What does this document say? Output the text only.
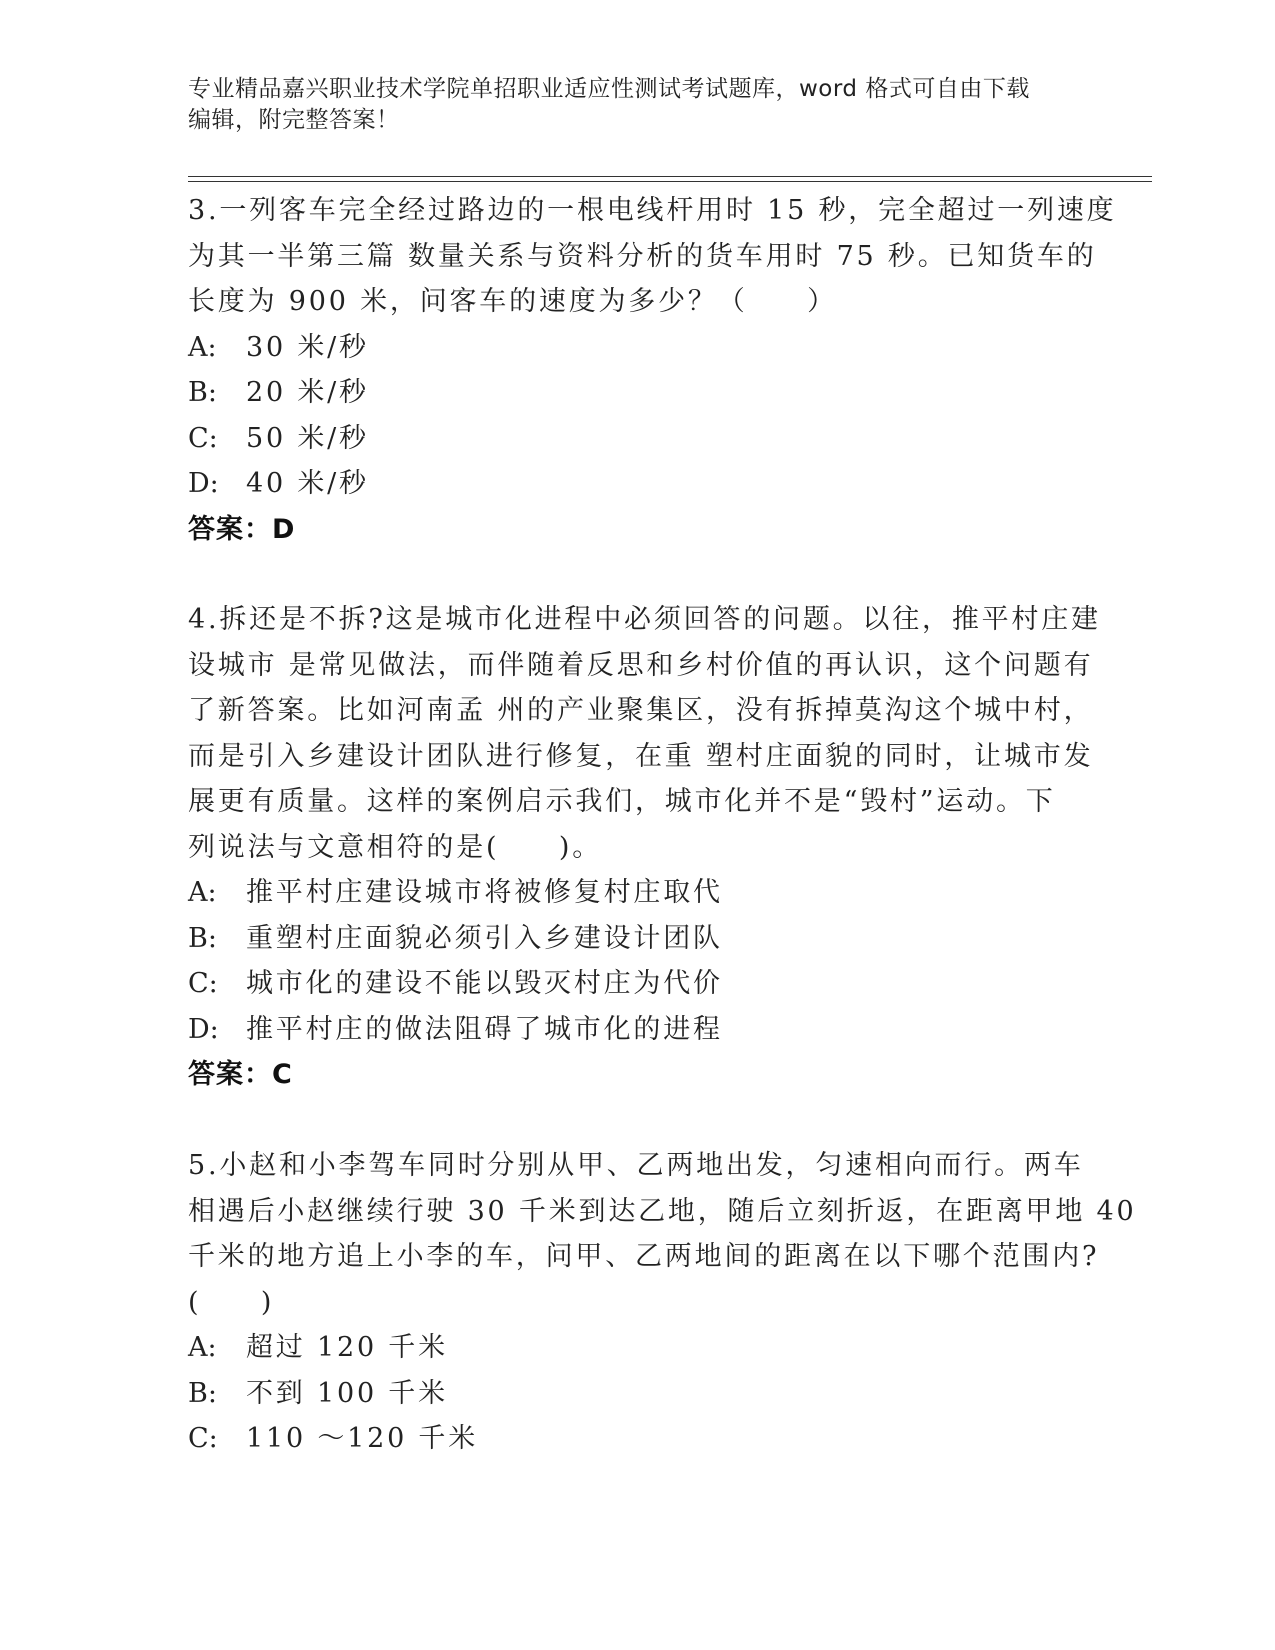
专业精品嘉兴职业技术学院单招职业适应性测试考试题库，word 格式可自由下载
编辑，附完整答案！
3.一列客车完全经过路边的一根电线杆用时 15 秒，完全超过一列速度
为其一半第三篇 数量关系与资料分析的货车用时 75 秒。已知货车的
长度为 900 米，问客车的速度为多少？（　　）
A:	30 米/秒
B:	20 米/秒
C:	50 米/秒
D:	40 米/秒
答案：D
4.拆还是不拆?这是城市化进程中必须回答的问题。以往，推平村庄建
设城市 是常见做法，而伴随着反思和乡村价值的再认识，这个问题有
了新答案。比如河南孟 州的产业聚集区，没有拆掉莫沟这个城中村，
而是引入乡建设计团队进行修复，在重 塑村庄面貌的同时，让城市发
展更有质量。这样的案例启示我们，城市化并不是“毁村”运动。下
列说法与文意相符的是(　　)。
A:	推平村庄建设城市将被修复村庄取代
B:	重塑村庄面貌必须引入乡建设计团队
C:	城市化的建设不能以毁灭村庄为代价
D:	推平村庄的做法阻碍了城市化的进程
答案：C
5.小赵和小李驾车同时分别从甲、乙两地出发，匀速相向而行。两车
相遇后小赵继续行驶 30 千米到达乙地，随后立刻折返，在距离甲地 40
千米的地方追上小李的车，问甲、乙两地间的距离在以下哪个范围内?
(　　)
A:	超过 120 千米
B:	不到 100 千米
C:	110 ～120 千米
